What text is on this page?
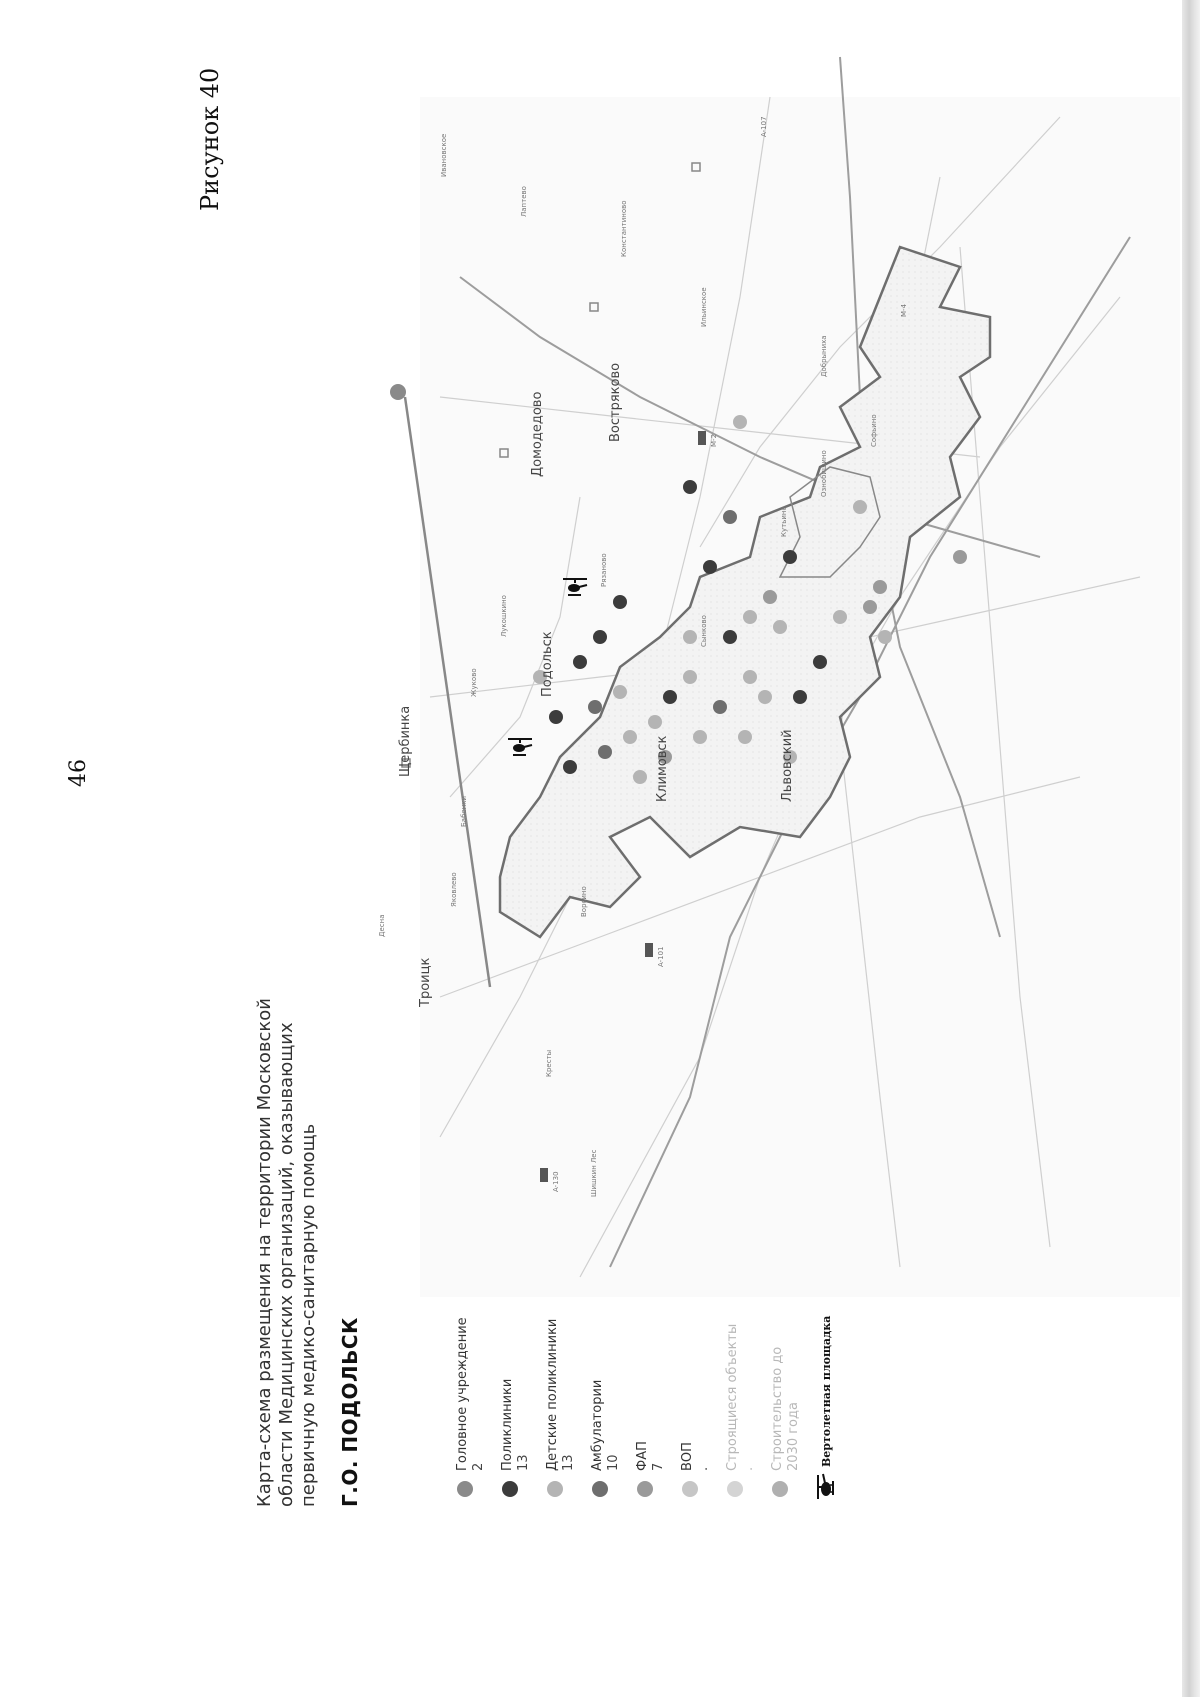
46
Рисунок 40
Карта-схема размещения на территории Московской области Медицинских организаций, оказывающих первичную медико-санитарную помощь Г.О. ПОДОЛЬСК	Головное учреждение 2 Поликлиники 13 Детские поликлиники 13 Амбулатории 10 ФАП 7 ВОП . Строящиеся объекты . Строительство до 2030 года Вертолетная площадка
Щербинка
Домодедово
Климовск	Львовский
Подольск
Троицк
Востряково
Десна
Яковлево
Шишкин Лес
Кресты
Ворсино
Бабенки
Жуково
Лукошкино
Рязаново
Сынково
Кутьино
Ознобишино
Софьино
Добрыниха
Ильинское
Константиново
Лаптево
Ивановское
A-130
A-101
M-2
A-107
M-4
